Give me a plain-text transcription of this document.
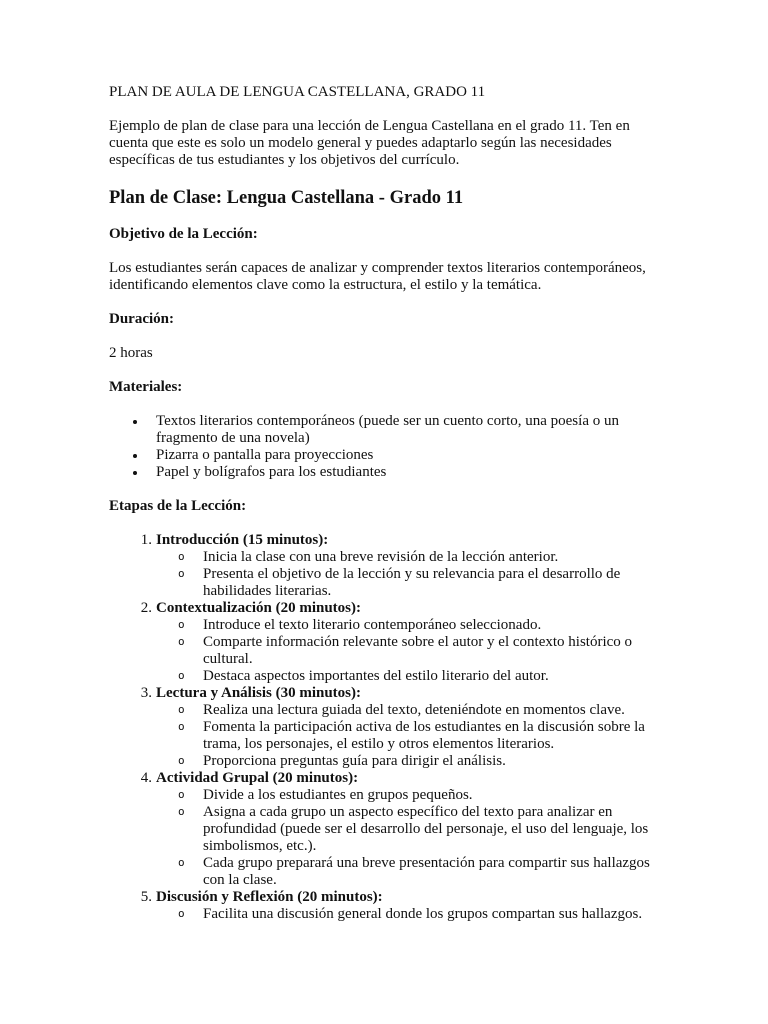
PLAN DE AULA DE LENGUA CASTELLANA, GRADO 11

Ejemplo de plan de clase para una lección de Lengua Castellana en el grado 11. Ten en cuenta que este es solo un modelo general y puedes adaptarlo según las necesidades específicas de tus estudiantes y los objetivos del currículo.

Plan de Clase: Lengua Castellana - Grado 11

Objetivo de la Lección:

Los estudiantes serán capaces de analizar y comprender textos literarios contemporáneos, identificando elementos clave como la estructura, el estilo y la temática.

Duración:

2 horas

Materiales:

Textos literarios contemporáneos (puede ser un cuento corto, una poesía o un fragmento de una novela)
Pizarra o pantalla para proyecciones
Papel y bolígrafos para los estudiantes

Etapas de la Lección:

1. Introducción (15 minutos):
o Inicia la clase con una breve revisión de la lección anterior.
o Presenta el objetivo de la lección y su relevancia para el desarrollo de habilidades literarias.
2. Contextualización (20 minutos):
o Introduce el texto literario contemporáneo seleccionado.
o Comparte información relevante sobre el autor y el contexto histórico o cultural.
o Destaca aspectos importantes del estilo literario del autor.
3. Lectura y Análisis (30 minutos):
o Realiza una lectura guiada del texto, deteniéndote en momentos clave.
o Fomenta la participación activa de los estudiantes en la discusión sobre la trama, los personajes, el estilo y otros elementos literarios.
o Proporciona preguntas guía para dirigir el análisis.
4. Actividad Grupal (20 minutos):
o Divide a los estudiantes en grupos pequeños.
o Asigna a cada grupo un aspecto específico del texto para analizar en profundidad (puede ser el desarrollo del personaje, el uso del lenguaje, los simbolismos, etc.).
o Cada grupo preparará una breve presentación para compartir sus hallazgos con la clase.
5. Discusión y Reflexión (20 minutos):
o Facilita una discusión general donde los grupos compartan sus hallazgos.
